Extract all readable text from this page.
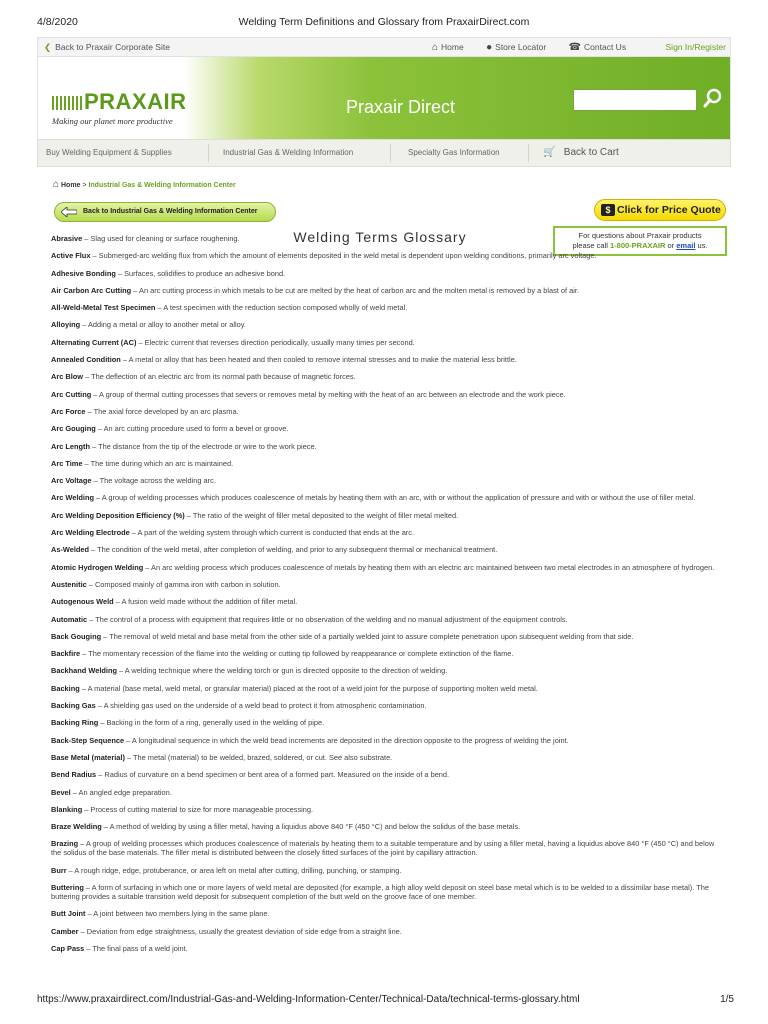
4/8/2020	Welding Term Definitions and Glossary from PraxairDirect.com
❮ Back to Praxair Corporate Site	⌂ Home ● Store Locator ☎ Contact Us	Sign In/Register
PRAXAIR
Making our planet more productive
Praxair Direct
Buy Welding Equipment & Supplies	Industrial Gas & Welding Information	Specialty Gas Information	🛒 Back to Cart
⌂ Home > Industrial Gas & Welding Information Center
Back to Industrial Gas & Welding Information Center	$ Click for Price Quote
Welding Terms Glossary	For questions about Praxair products
please call 1-800-PRAXAIR or email us.
Abrasive – Slag used for cleaning or surface roughening.
Active Flux – Submerged-arc welding flux from which the amount of elements deposited in the weld metal is dependent upon welding conditions, primarily arc voltage.
Adhesive Bonding – Surfaces, solidifies to produce an adhesive bond.
Air Carbon Arc Cutting – An arc cutting process in which metals to be cut are melted by the heat of carbon arc and the molten metal is removed by a blast of air.
All-Weld-Metal Test Specimen – A test specimen with the reduction section composed wholly of weld metal.
Alloying – Adding a metal or alloy to another metal or alloy.
Alternating Current (AC) – Electric current that reverses direction periodically, usually many times per second.
Annealed Condition – A metal or alloy that has been heated and then cooled to remove internal stresses and to make the material less brittle.
Arc Blow – The deflection of an electric arc from its normal path because of magnetic forces.
Arc Cutting – A group of thermal cutting processes that severs or removes metal by melting with the heat of an arc between an electrode and the work piece.
Arc Force – The axial force developed by an arc plasma.
Arc Gouging – An arc cutting procedure used to form a bevel or groove.
Arc Length – The distance from the tip of the electrode or wire to the work piece.
Arc Time – The time during which an arc is maintained.
Arc Voltage – The voltage across the welding arc.
Arc Welding – A group of welding processes which produces coalescence of metals by heating them with an arc, with or without the application of pressure and with or without the use of filler metal.
Arc Welding Deposition Efficiency (%) – The ratio of the weight of filler metal deposited to the weight of filler metal melted.
Arc Welding Electrode – A part of the welding system through which current is conducted that ends at the arc.
As-Welded – The condition of the weld metal, after completion of welding, and prior to any subsequent thermal or mechanical treatment.
Atomic Hydrogen Welding – An arc welding process which produces coalescence of metals by heating them with an electric arc maintained between two metal electrodes in an atmosphere of hydrogen.
Austenitic – Composed mainly of gamma iron with carbon in solution.
Autogenous Weld – A fusion weld made without the addition of filler metal.
Automatic – The control of a process with equipment that requires little or no observation of the welding and no manual adjustment of the equipment controls.
Back Gouging – The removal of weld metal and base metal from the other side of a partially welded joint to assure complete penetration upon subsequent welding from that side.
Backfire – The momentary recession of the flame into the welding or cutting tip followed by reappearance or complete extinction of the flame.
Backhand Welding – A welding technique where the welding torch or gun is directed opposite to the direction of welding.
Backing – A material (base metal, weld metal, or granular material) placed at the root of a weld joint for the purpose of supporting molten weld metal.
Backing Gas – A shielding gas used on the underside of a weld bead to protect it from atmospheric contamination.
Backing Ring – Backing in the form of a ring, generally used in the welding of pipe.
Back-Step Sequence – A longitudinal sequence in which the weld bead increments are deposited in the direction opposite to the progress of welding the joint.
Base Metal (material) – The metal (material) to be welded, brazed, soldered, or cut. See also substrate.
Bend Radius – Radius of curvature on a bend specimen or bent area of a formed part. Measured on the inside of a bend.
Bevel – An angled edge preparation.
Blanking – Process of cutting material to size for more manageable processing.
Braze Welding – A method of welding by using a filler metal, having a liquidus above 840 °F (450 °C) and below the solidus of the base metals.
Brazing – A group of welding processes which produces coalescence of materials by heating them to a suitable temperature and by using a filler metal, having a liquidus above 840 °F (450 °C) and below the solidus of the base materials. The filler metal is distributed between the closely fitted surfaces of the joint by capillary attraction.
Burr – A rough ridge, edge, protuberance, or area left on metal after cutting, drilling, punching, or stamping.
Buttering – A form of surfacing in which one or more layers of weld metal are deposited (for example, a high alloy weld deposit on steel base metal which is to be welded to a dissimilar base metal). The buttering provides a suitable transition weld deposit for subsequent completion of the butt weld on the groove face of one member.
Butt Joint – A joint between two members lying in the same plane.
Camber – Deviation from edge straightness, usually the greatest deviation of side edge from a straight line.
Cap Pass – The final pass of a weld joint.
https://www.praxairdirect.com/Industrial-Gas-and-Welding-Information-Center/Technical-Data/technical-terms-glossary.html	1/5
